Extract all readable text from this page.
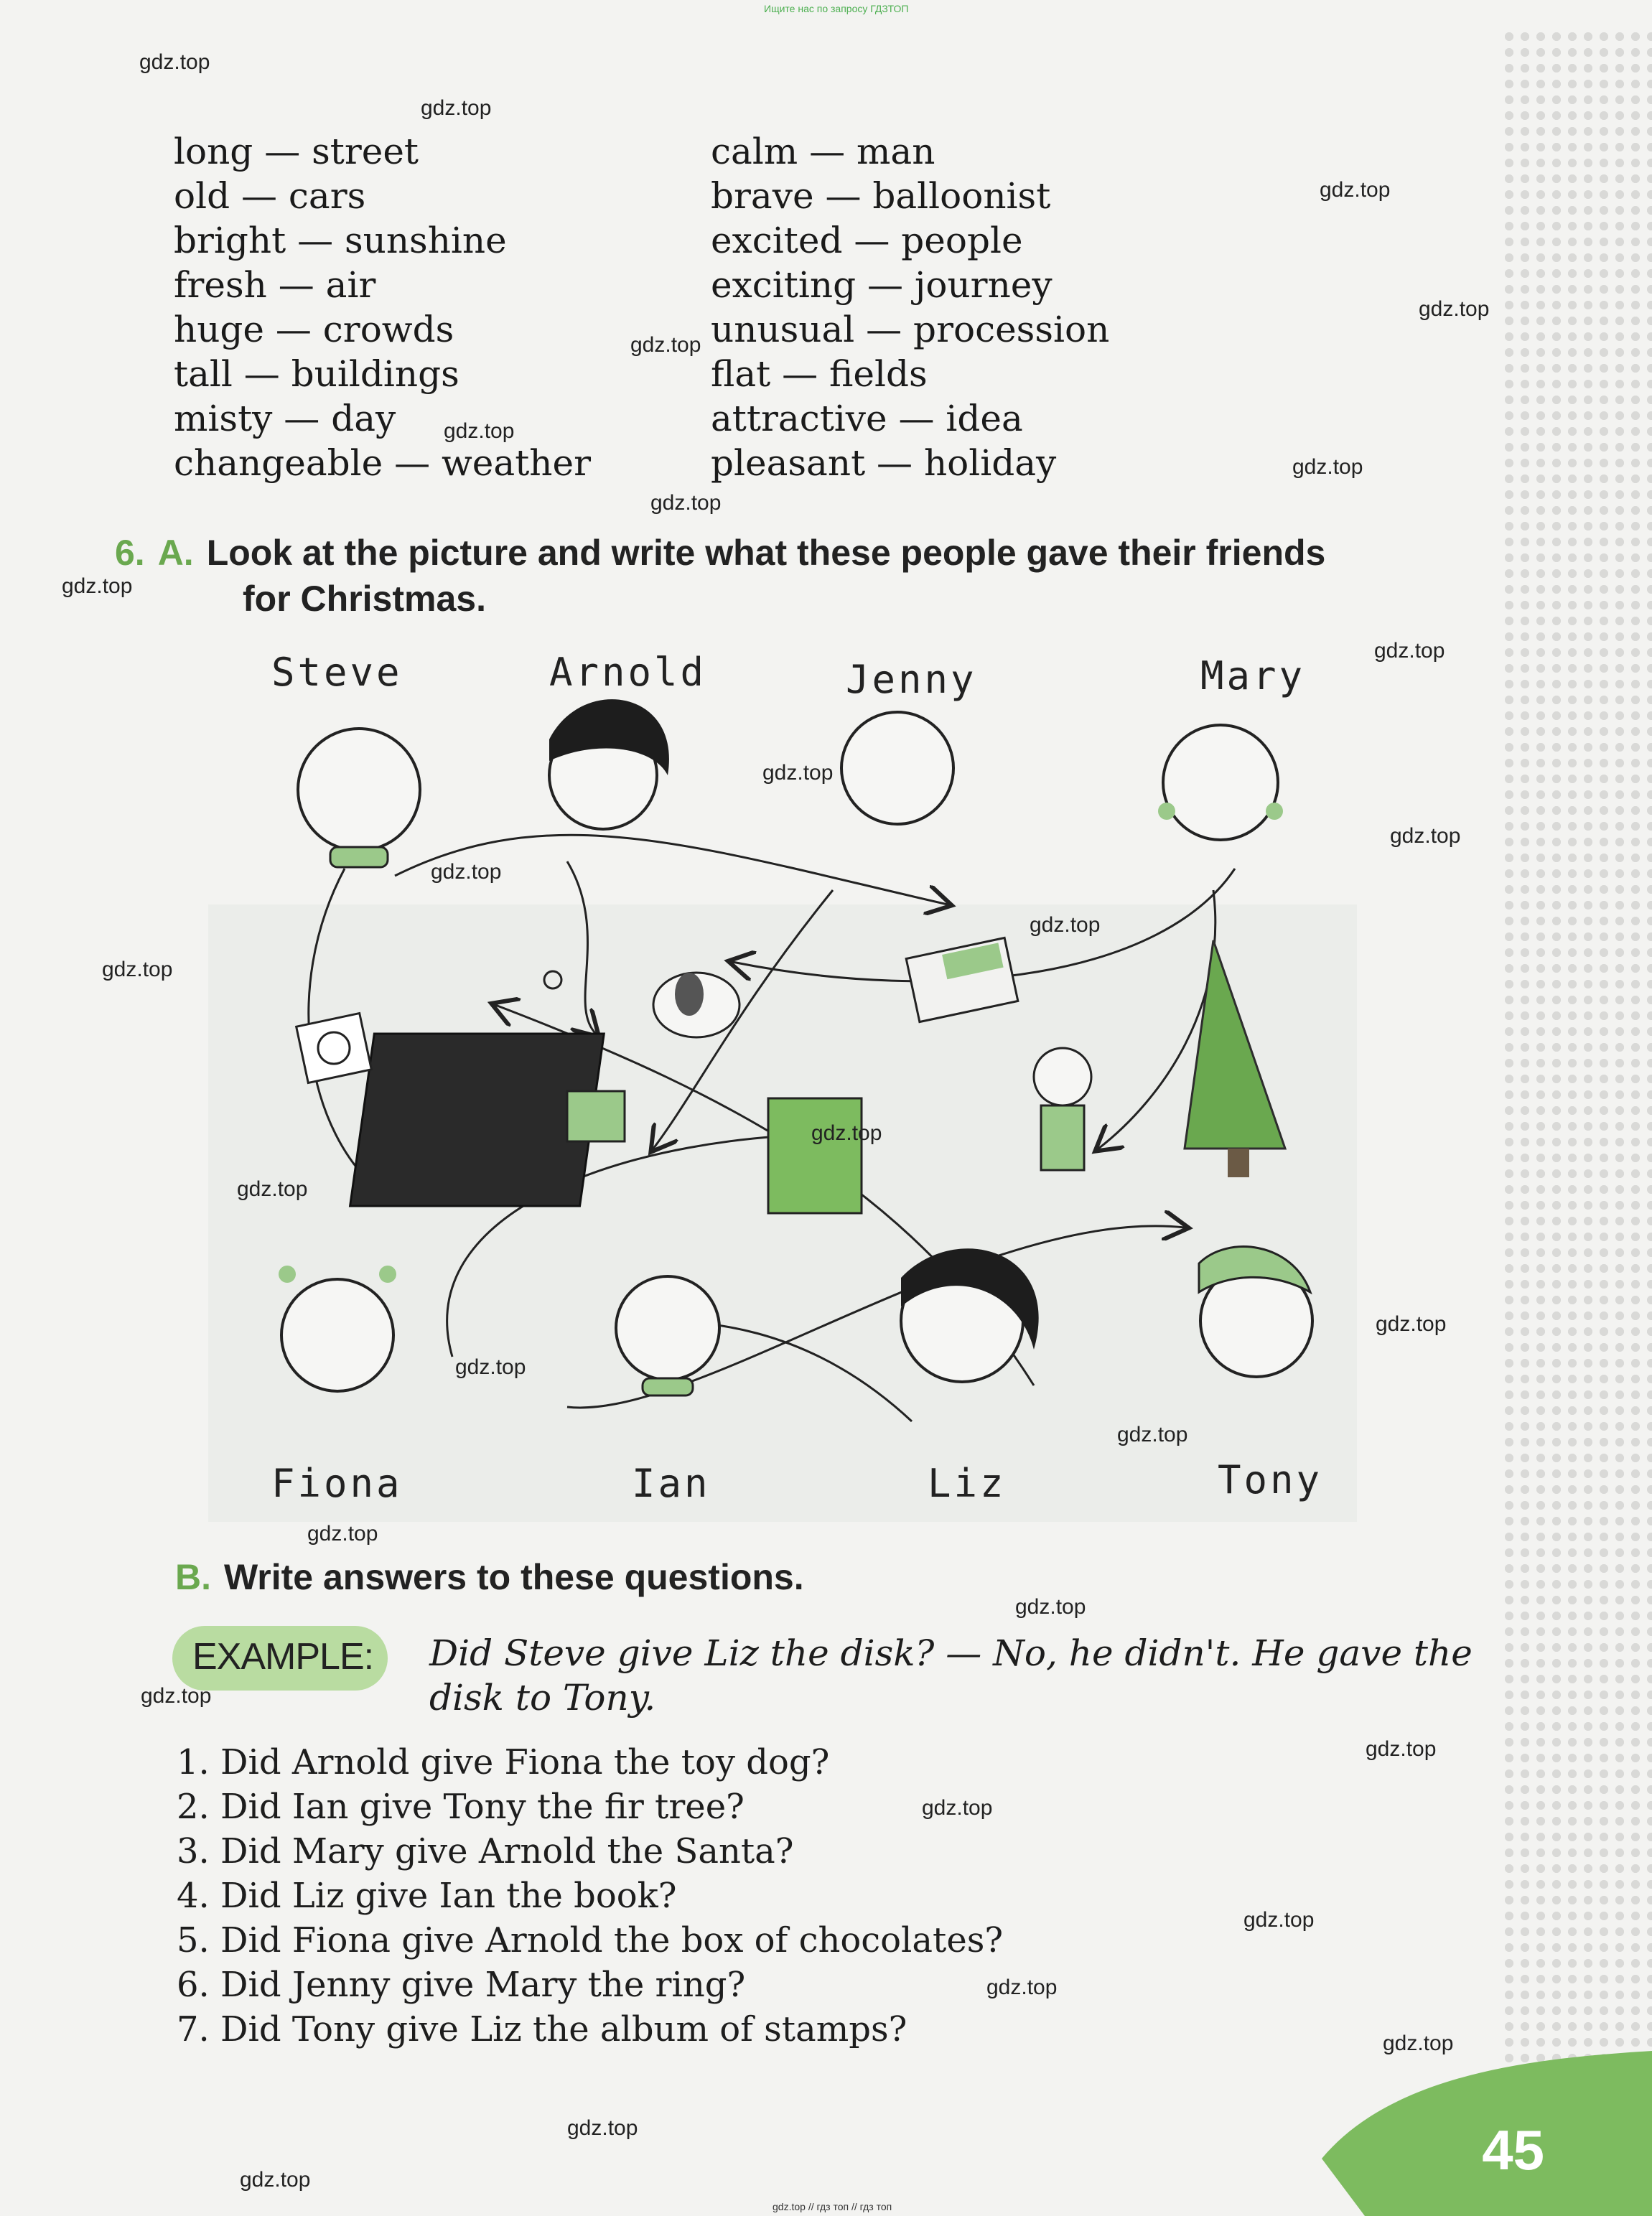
Ищите нас по запросу ГДЗТОП
long — street
old — cars
bright — sunshine
fresh — air
huge — crowds
tall — buildings
misty — day
changeable — weather
calm — man
brave — balloonist
excited — people
exciting — journey
unusual — procession
flat — fields
attractive — idea
pleasant — holiday
6. A. Look at the picture and write what these people gave their friends
for Christmas.
Steve	Arnold	Jenny	Mary
Fiona	Ian	Liz	Tony
B. Write answers to these questions.
EXAMPLE: Did Steve give Liz the disk? — No, he didn't. He gave the
disk to Tony.
1. Did Arnold give Fiona the toy dog?
2. Did Ian give Tony the fir tree?
3. Did Mary give Arnold the Santa?
4. Did Liz give Ian the book?
5. Did Fiona give Arnold the box of chocolates?
6. Did Jenny give Mary the ring?
7. Did Tony give Liz the album of stamps?
45
gdz.top // гдз топ // гдз топ
gdz.top
gdz.top
gdz.top
gdz.top
gdz.top
gdz.top
gdz.top
gdz.top
gdz.top
gdz.top
gdz.top
gdz.top
gdz.top
gdz.top
gdz.top
gdz.top
gdz.top
gdz.top
gdz.top
gdz.top
gdz.top
gdz.top
gdz.top
gdz.top
gdz.top
gdz.top
gdz.top
gdz.top
gdz.top
gdz.top
